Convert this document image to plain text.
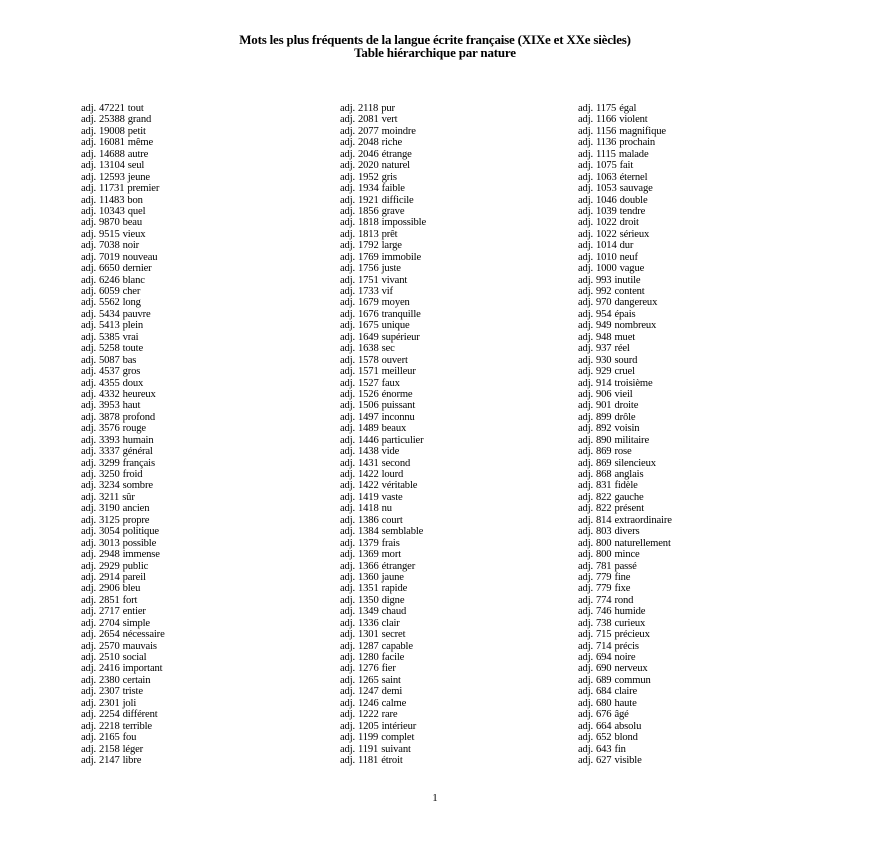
Mots les plus fréquents de la langue écrite française (XIXe et XXe siècles)
Table hiérarchique par nature
adj. 47221 tout
adj. 25388 grand
adj. 19008 petit
adj. 16081 même
adj. 14688 autre
adj. 13104 seul
adj. 12593 jeune
adj. 11731 premier
adj. 11483 bon
adj. 10343 quel
adj. 9870 beau
adj. 9515 vieux
adj. 7038 noir
adj. 7019 nouveau
adj. 6650 dernier
adj. 6246 blanc
adj. 6059 cher
adj. 5562 long
adj. 5434 pauvre
adj. 5413 plein
adj. 5385 vrai
adj. 5258 toute
adj. 5087 bas
adj. 4537 gros
adj. 4355 doux
adj. 4332 heureux
adj. 3953 haut
adj. 3878 profond
adj. 3576 rouge
adj. 3393 humain
adj. 3337 général
adj. 3299 français
adj. 3250 froid
adj. 3234 sombre
adj. 3211 sûr
adj. 3190 ancien
adj. 3125 propre
adj. 3054 politique
adj. 3013 possible
adj. 2948 immense
adj. 2929 public
adj. 2914 pareil
adj. 2906 bleu
adj. 2851 fort
adj. 2717 entier
adj. 2704 simple
adj. 2654 nécessaire
adj. 2570 mauvais
adj. 2510 social
adj. 2416 important
adj. 2380 certain
adj. 2307 triste
adj. 2301 joli
adj. 2254 différent
adj. 2218 terrible
adj. 2165 fou
adj. 2158 léger
adj. 2147 libre
adj. 2118 pur
adj. 2081 vert
adj. 2077 moindre
adj. 2048 riche
adj. 2046 étrange
adj. 2020 naturel
adj. 1952 gris
adj. 1934 faible
adj. 1921 difficile
adj. 1856 grave
adj. 1818 impossible
adj. 1813 prêt
adj. 1792 large
adj. 1769 immobile
adj. 1756 juste
adj. 1751 vivant
adj. 1733 vif
adj. 1679 moyen
adj. 1676 tranquille
adj. 1675 unique
adj. 1649 supérieur
adj. 1638 sec
adj. 1578 ouvert
adj. 1571 meilleur
adj. 1527 faux
adj. 1526 énorme
adj. 1506 puissant
adj. 1497 inconnu
adj. 1489 beaux
adj. 1446 particulier
adj. 1438 vide
adj. 1431 second
adj. 1422 lourd
adj. 1422 véritable
adj. 1419 vaste
adj. 1418 nu
adj. 1386 court
adj. 1384 semblable
adj. 1379 frais
adj. 1369 mort
adj. 1366 étranger
adj. 1360 jaune
adj. 1351 rapide
adj. 1350 digne
adj. 1349 chaud
adj. 1336 clair
adj. 1301 secret
adj. 1287 capable
adj. 1280 facile
adj. 1276 fier
adj. 1265 saint
adj. 1247 demi
adj. 1246 calme
adj. 1222 rare
adj. 1205 intérieur
adj. 1199 complet
adj. 1191 suivant
adj. 1181 étroit
adj. 1175 égal
adj. 1166 violent
adj. 1156 magnifique
adj. 1136 prochain
adj. 1115 malade
adj. 1075 fait
adj. 1063 éternel
adj. 1053 sauvage
adj. 1046 double
adj. 1039 tendre
adj. 1022 droit
adj. 1022 sérieux
adj. 1014 dur
adj. 1010 neuf
adj. 1000 vague
adj. 993 inutile
adj. 992 content
adj. 970 dangereux
adj. 954 épais
adj. 949 nombreux
adj. 948 muet
adj. 937 réel
adj. 930 sourd
adj. 929 cruel
adj. 914 troisième
adj. 906 vieil
adj. 901 droite
adj. 899 drôle
adj. 892 voisin
adj. 890 militaire
adj. 869 rose
adj. 869 silencieux
adj. 868 anglais
adj. 831 fidèle
adj. 822 gauche
adj. 822 présent
adj. 814 extraordinaire
adj. 803 divers
adj. 800 naturellement
adj. 800 mince
adj. 781 passé
adj. 779 fine
adj. 779 fixe
adj. 774 rond
adj. 746 humide
adj. 738 curieux
adj. 715 précieux
adj. 714 précis
adj. 694 noire
adj. 690 nerveux
adj. 689 commun
adj. 684 claire
adj. 680 haute
adj. 676 âgé
adj. 664 absolu
adj. 652 blond
adj. 643 fin
adj. 627 visible
1
